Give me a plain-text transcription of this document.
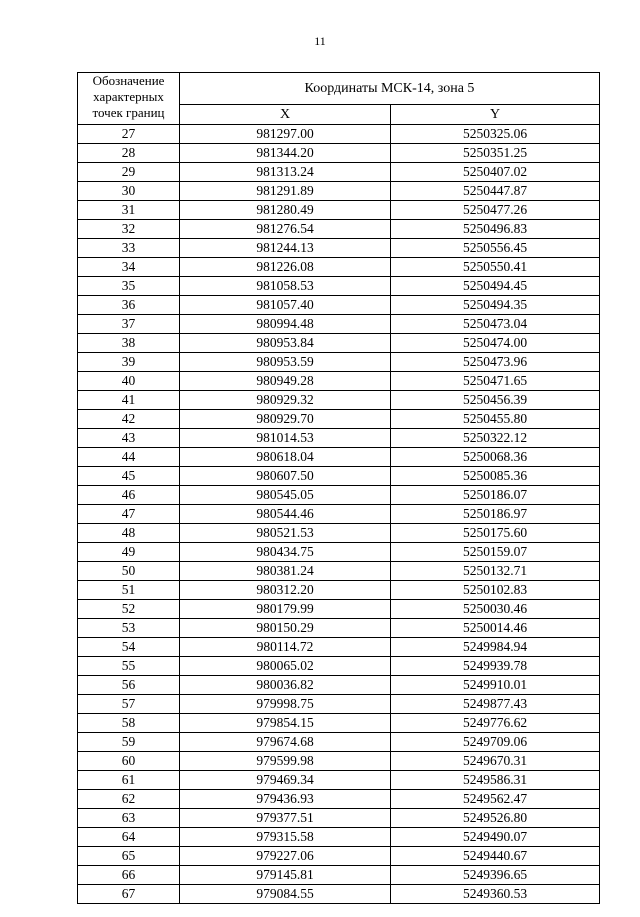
11
Обозначение характерных точек границ	Координаты МСК-14, зона 5	
	X	Y
27	981297.00	5250325.06
28	981344.20	5250351.25
29	981313.24	5250407.02
30	981291.89	5250447.87
31	981280.49	5250477.26
32	981276.54	5250496.83
33	981244.13	5250556.45
34	981226.08	5250550.41
35	981058.53	5250494.45
36	981057.40	5250494.35
37	980994.48	5250473.04
38	980953.84	5250474.00
39	980953.59	5250473.96
40	980949.28	5250471.65
41	980929.32	5250456.39
42	980929.70	5250455.80
43	981014.53	5250322.12
44	980618.04	5250068.36
45	980607.50	5250085.36
46	980545.05	5250186.07
47	980544.46	5250186.97
48	980521.53	5250175.60
49	980434.75	5250159.07
50	980381.24	5250132.71
51	980312.20	5250102.83
52	980179.99	5250030.46
53	980150.29	5250014.46
54	980114.72	5249984.94
55	980065.02	5249939.78
56	980036.82	5249910.01
57	979998.75	5249877.43
58	979854.15	5249776.62
59	979674.68	5249709.06
60	979599.98	5249670.31
61	979469.34	5249586.31
62	979436.93	5249562.47
63	979377.51	5249526.80
64	979315.58	5249490.07
65	979227.06	5249440.67
66	979145.81	5249396.65
67	979084.55	5249360.53
